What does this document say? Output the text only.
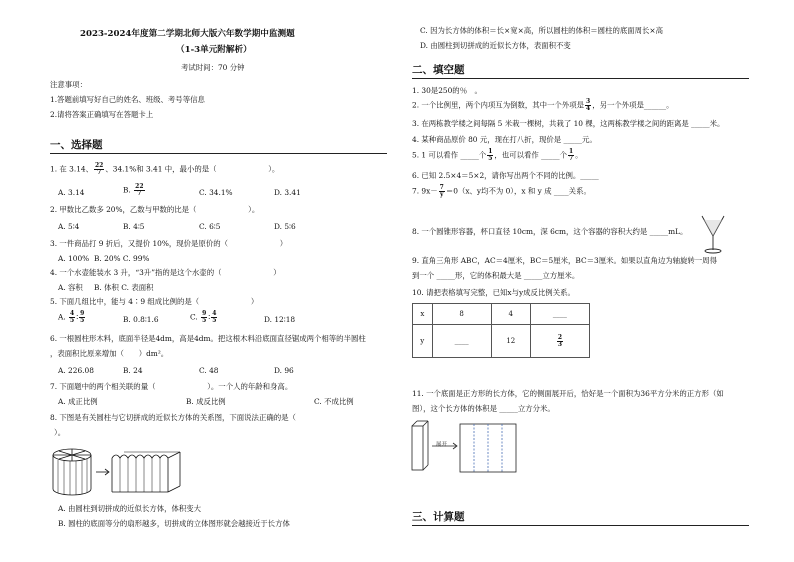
2023-2024年度第二学期北师大版六年数学期中监测题
（1-3单元附解析）
考试时间：70 分钟
注意事项：
1.答题前填写好自己的姓名、班级、考号等信息
2.请将答案正确填写在答题卡上
一、选择题
1. 在 3.14、 $\frac{22}{7}$ 、34.1%和 3.41 中，最小的是（　　　　　　　）。
A. 3.14	B. $\frac{22}{7}$	C. 34.1%	D. 3.41
2. 甲数比乙数多 20%，乙数与甲数的比是（　　　　　　　）。
A. 5∶4	B. 4∶5	C. 6∶5	D. 5∶6
3. 一件商品打 9 折后，又提价 10%，现价是原价的（　　　　　　　）
A. 100% B. 20% C. 99%
4. 一个水壶能装水 3 升，“3升”指的是这个水壶的（　　　　　　　）
A. 容积 B. 体积 C. 表面积
5. 下面几组比中，能与 4∶9 组成比例的是（　　　　　　　）
A. $\frac{4}{5}$ ∶ $\frac{9}{5}$	B. 0.8∶1.6	C. $\frac{9}{5}$ ∶ $\frac{4}{5}$	D. 12∶18
6. 一根圆柱形木料，底面半径是4dm，高是4dm。把这根木料沿底面直径锯成两个相等的半圆柱
，表面积比原来增加（　　）dm²。
A. 226.08	B. 24	C. 48	D. 96
7. 下面题中的两个相关联的量（　　　　　　　）。一个人的年龄和身高。
A. 成正比例	B. 成反比例	C. 不成比例
8. 下图是有关圆柱与它切拼成的近似长方体的关系图，下面说法正确的是（
）。
A. 由圆柱到切拼成的近似长方体，体积变大
B. 圆柱的底面等分的扇形越多，切拼成的立体图形就会越接近于长方体
C. 因为长方体的体积＝长×宽×高，所以圆柱的体积＝圆柱的底面周长×高
D. 由圆柱到切拼成的近似长方体，表面积不变
二、填空题
1. 30是250的％　。
2. 一个比例里，两个内项互为倒数，其中一个外项是 $\frac{3}{4}$ ，另一个外项是______。
3. 在两栋教学楼之间每隔 5 米栽一棵树，共栽了 10 棵，这两栋教学楼之间的距离是 _____米。
4. 某种商品原价 80 元，现在打八折，现价是 _____元。
5. 1 可以看作 _____个 $\frac{1}{5}$ ，也可以看作 _____个 $\frac{1}{7}$ 。
6. 已知 2.5×4＝5×2，请你写出两个不同的比例。_____
7. $9x- \frac{7}{y} =0(x$、y均不为 0），x 和 y 成 ____关系。
8. 一个圆锥形容器，杯口直径 10cm，深 6cm，这个容器的容积大约是 _____mL。
9. 直角三角形 ABC，AC＝4厘米，BC＝5厘米，BC＝3厘米。如果以直角边为轴旋转一周得
到一个 _____形，它的体积最大是 _____立方厘米。
10. 请把表格填写完整，已知x与y成反比例关系。
x	8	4	____
y	____	12	$\frac{2}{3}$
11. 一个底面是正方形的长方体，它的侧面展开后，恰好是一个面积为36平方分米的正方形（如
图），这个长方体的体积是 _____立方分米。
展开
三、计算题
